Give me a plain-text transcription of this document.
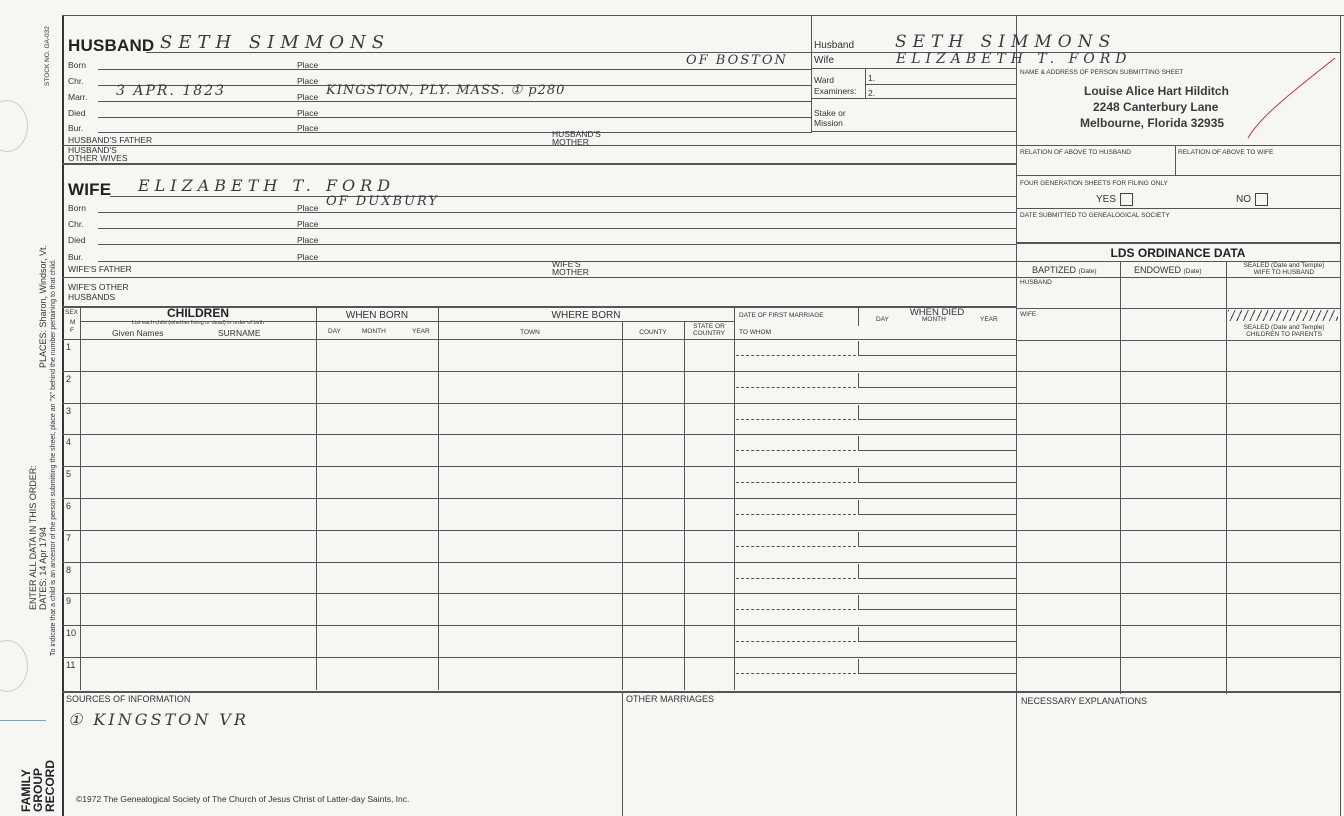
STOCK NO. GA-032
PLACES: Sharon, Windsor, Vt.
ENTER ALL DATA IN THIS ORDER: DATES: 14 Apr 1794 To indicate that a child is an ancestor of the person submitting the sheet, place an "X" behind the number pertaining to that child.
FAMILY
GROUP
RECORD
HUSBAND SETH SIMMONS
Born	Place	OF BOSTON
Chr.	Place
Marr. 3 APR. 1823	Place KINGSTON, PLY. MASS. ① p280
Died	Place
Bur.	Place
HUSBAND'S FATHER
HUSBAND'S
MOTHER
HUSBAND'S
OTHER WIVES
WIFE ELIZABETH T. FORD
Born	Place OF DUXBURY
Chr.	Place
Died	Place
Bur.	Place
WIFE'S FATHER	WIFE'S
MOTHER
WIFE'S OTHER
HUSBANDS
Husband SETH SIMMONS
Wife	ELIZABETH T. FORD
Ward
Examiners:
1.
2.
Stake or
Mission
NAME & ADDRESS OF PERSON SUBMITTING SHEET
Louise Alice Hart Hilditch
2248 Canterbury Lane
Melbourne, Florida 32935
RELATION OF ABOVE TO HUSBAND	RELATION OF ABOVE TO WIFE
FOUR GENERATION SHEETS FOR FILING ONLY
YES	NO
DATE SUBMITTED TO GENEALOGICAL SOCIETY
LDS ORDINANCE DATA
BAPTIZED (Date)	ENDOWED (Date)
SEALED (Date and Temple)
WIFE TO HUSBAND
HUSBAND
WIFE
SEALED (Date and Temple)
CHILDREN TO PARENTS
SEX
M
F
CHILDREN
List each child (whether living or dead) in order of birth
Given Names	SURNAME
WHEN BORN
DAY	MONTH	YEAR
WHERE BORN
TOWN	COUNTY
STATE OR
COUNTRY
DATE OF FIRST MARRIAGE
TO WHOM
WHEN DIED
DAY	MONTH	YEAR
1
2
3
4
5
6
7
8
9
10
11
SOURCES OF INFORMATION
① KINGSTON VR
OTHER MARRIAGES	NECESSARY EXPLANATIONS
©1972 The Genealogical Society of The Church of Jesus Christ of Latter-day Saints, Inc.
